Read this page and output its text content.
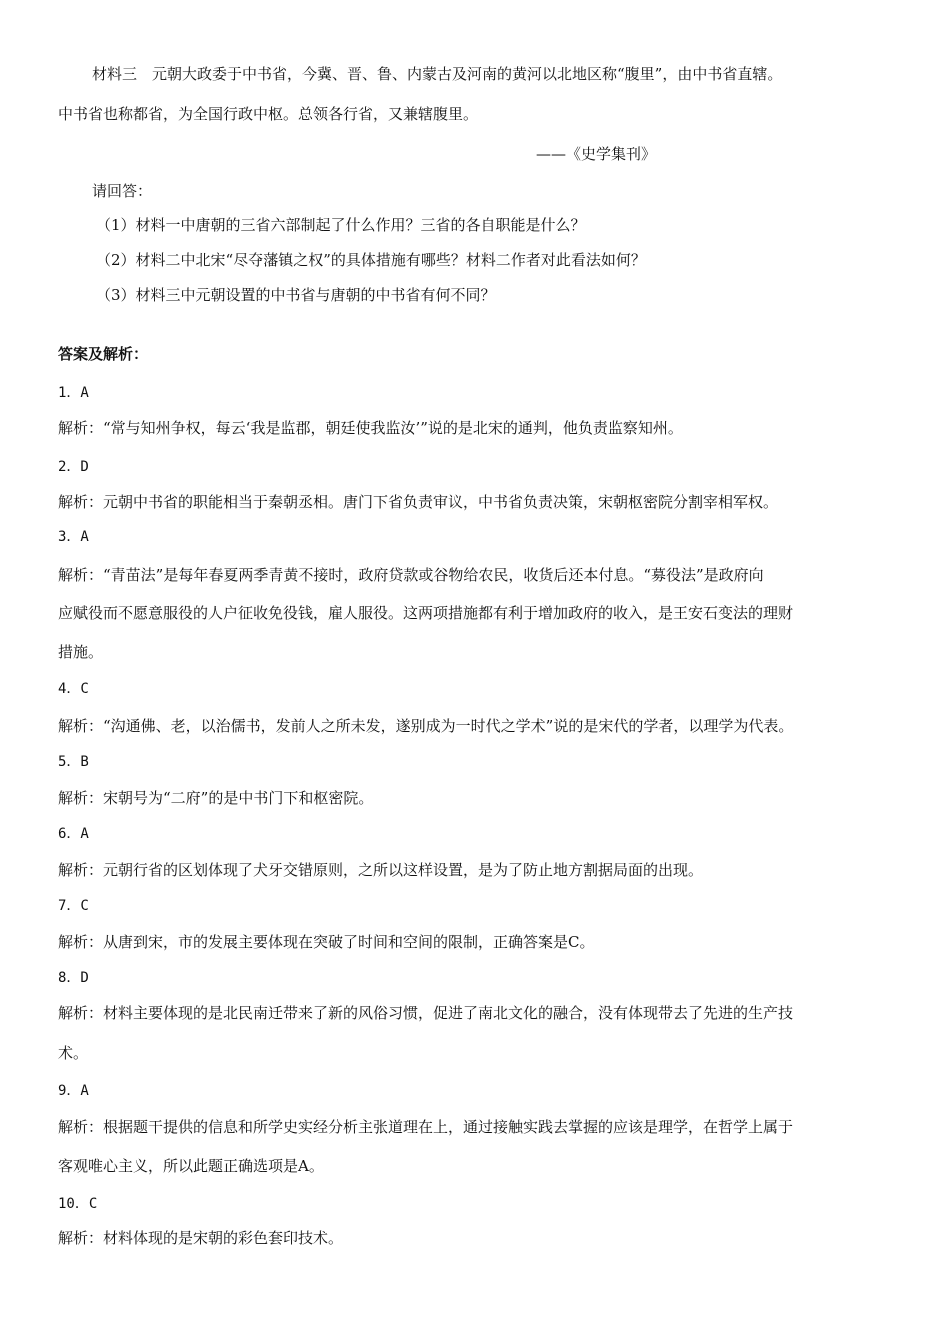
材料三　元朝大政委于中书省，今冀、晋、鲁、内蒙古及河南的黄河以北地区称“腹里”，由中书省直辖。
中书省也称都省，为全国行政中枢。总领各行省，又兼辖腹里。
——《史学集刊》
请回答：
（1）材料一中唐朝的三省六部制起了什么作用？三省的各自职能是什么？
（2）材料二中北宋“尽夺藩镇之权”的具体措施有哪些？材料二作者对此看法如何？
（3）材料三中元朝设置的中书省与唐朝的中书省有何不同？
答案及解析：
1．A
解析：“常与知州争权，每云‘我是监郡，朝廷使我监汝’”说的是北宋的通判，他负责监察知州。
2．D
解析：元朝中书省的职能相当于秦朝丞相。唐门下省负责审议，中书省负责决策，宋朝枢密院分割宰相军权。
3．A
解析：“青苗法”是每年春夏两季青黄不接时，政府贷款或谷物给农民，收货后还本付息。“募役法”是政府向
应赋役而不愿意服役的人户征收免役钱，雇人服役。这两项措施都有利于增加政府的收入，是王安石变法的理财
措施。
4．C
解析：“沟通佛、老，以治儒书，发前人之所未发，遂别成为一时代之学术”说的是宋代的学者，以理学为代表。
5．B
解析：宋朝号为“二府”的是中书门下和枢密院。
6．A
解析：元朝行省的区划体现了犬牙交错原则，之所以这样设置，是为了防止地方割据局面的出现。
7．C
解析：从唐到宋，市的发展主要体现在突破了时间和空间的限制，正确答案是C。
8．D
解析：材料主要体现的是北民南迁带来了新的风俗习惯，促进了南北文化的融合，没有体现带去了先进的生产技
术。
9．A
解析：根据题干提供的信息和所学史实经分析主张道理在上，通过接触实践去掌握的应该是理学，在哲学上属于
客观唯心主义，所以此题正确选项是A。
10．C
解析：材料体现的是宋朝的彩色套印技术。
